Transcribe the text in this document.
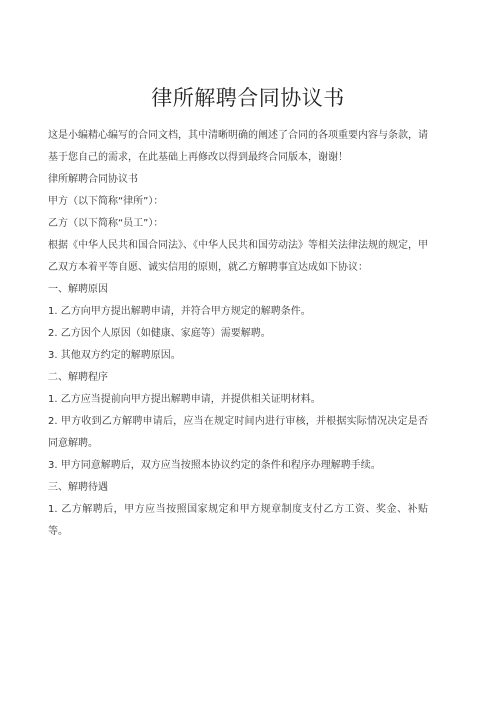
律所解聘合同协议书

这是小编精心编写的合同文档，其中清晰明确的阐述了合同的各项重要内容与条款，请基于您自己的需求，在此基础上再修改以得到最终合同版本，谢谢！

律所解聘合同协议书

甲方（以下简称“律所”）：

乙方（以下简称“员工”）：

根据《中华人民共和国合同法》、《中华人民共和国劳动法》等相关法律法规的规定，甲乙双方本着平等自愿、诚实信用的原则，就乙方解聘事宜达成如下协议：

一、解聘原因

1. 乙方向甲方提出解聘申请，并符合甲方规定的解聘条件。

2. 乙方因个人原因（如健康、家庭等）需要解聘。

3. 其他双方约定的解聘原因。

二、解聘程序

1. 乙方应当提前向甲方提出解聘申请，并提供相关证明材料。

2. 甲方收到乙方解聘申请后，应当在规定时间内进行审核，并根据实际情况决定是否同意解聘。

3. 甲方同意解聘后，双方应当按照本协议约定的条件和程序办理解聘手续。

三、解聘待遇

1. 乙方解聘后，甲方应当按照国家规定和甲方规章制度支付乙方工资、奖金、补贴等。
